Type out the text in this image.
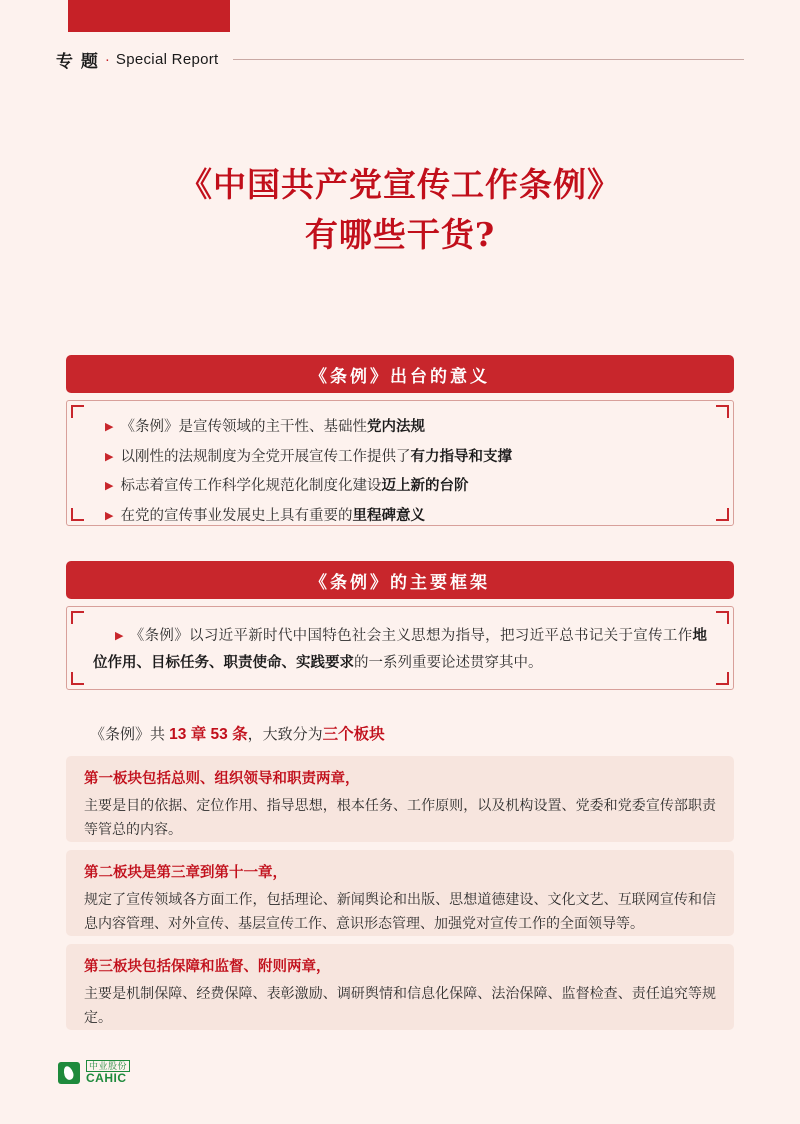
专 题 · Special Report
《中国共产党宣传工作条例》
有哪些干货?
《条例》出台的意义
▶ 《条例》是宣传领域的主干性、基础性党内法规
▶ 以刚性的法规制度为全党开展宣传工作提供了有力指导和支撑
▶ 标志着宣传工作科学化规范化制度化建设迈上新的台阶
▶ 在党的宣传事业发展史上具有重要的里程碑意义
《条例》的主要框架
▶ 《条例》以习近平新时代中国特色社会主义思想为指导，把习近平总书记关于宣传工作地位作用、目标任务、职责使命、实践要求的一系列重要论述贯穿其中。
《条例》共 13 章 53 条，大致分为三个板块
第一板块包括总则、组织领导和职责两章，
主要是目的依据、定位作用、指导思想，根本任务、工作原则，以及机构设置、党委和党委宣传部职责等管总的内容。
第二板块是第三章到第十一章，
规定了宣传领域各方面工作，包括理论、新闻舆论和出版、思想道德建设、文化文艺、互联网宣传和信息内容管理、对外宣传、基层宣传工作、意识形态管理、加强党对宣传工作的全面领导等。
第三板块包括保障和监督、附则两章，
主要是机制保障、经费保障、表彰激励、调研舆情和信息化保障、法治保障、监督检查、责任追究等规定。
中业股份
CAHIC
